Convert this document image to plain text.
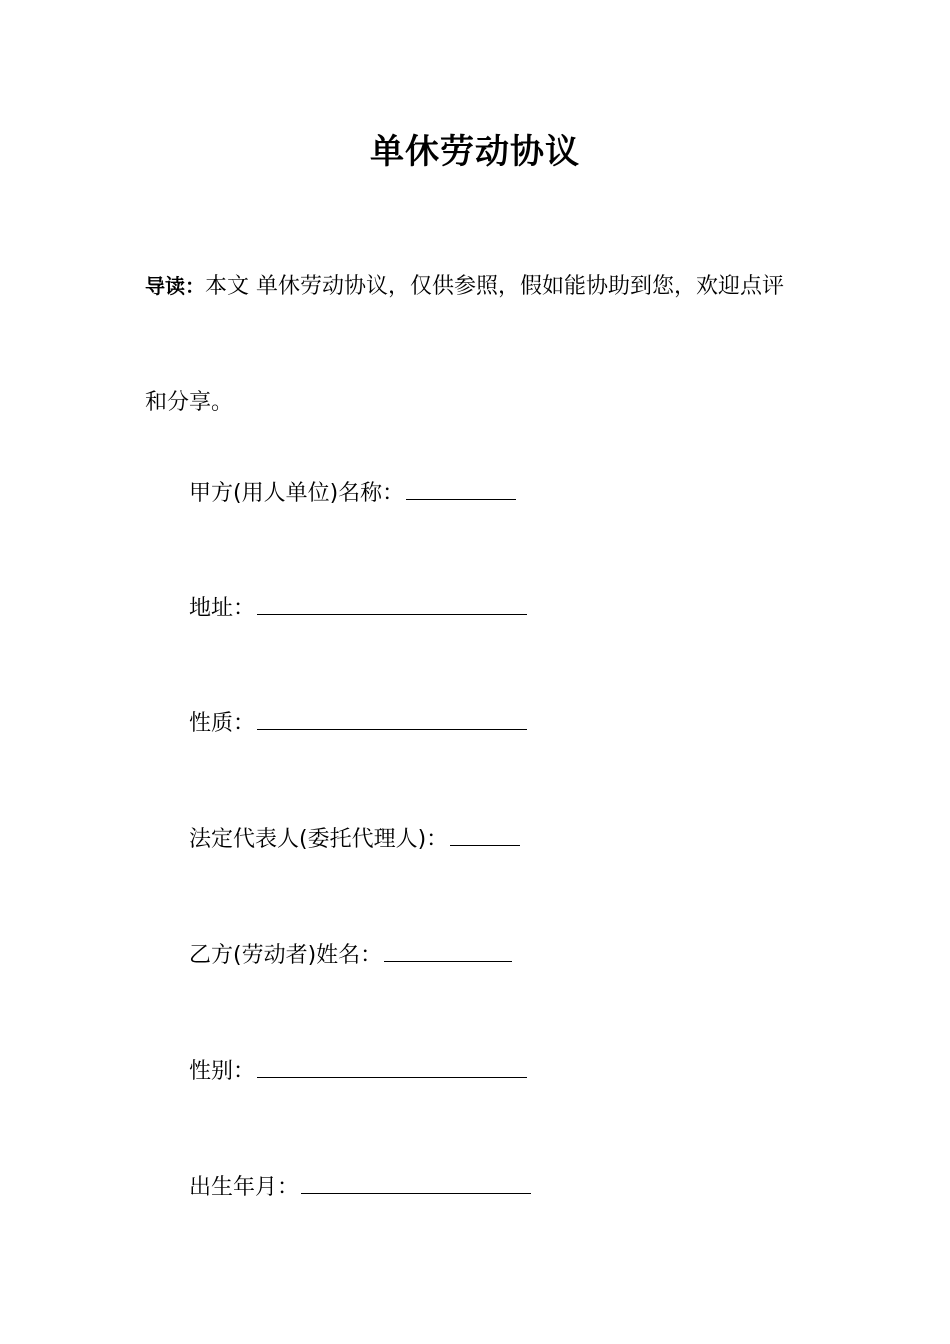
单休劳动协议
导读：本文 单休劳动协议，仅供参照，假如能协助到您，欢迎点评
和分享。
甲方(用人单位)名称：
地址：
性质：
法定代表人(委托代理人)：
乙方(劳动者)姓名：
性别：
出生年月：
